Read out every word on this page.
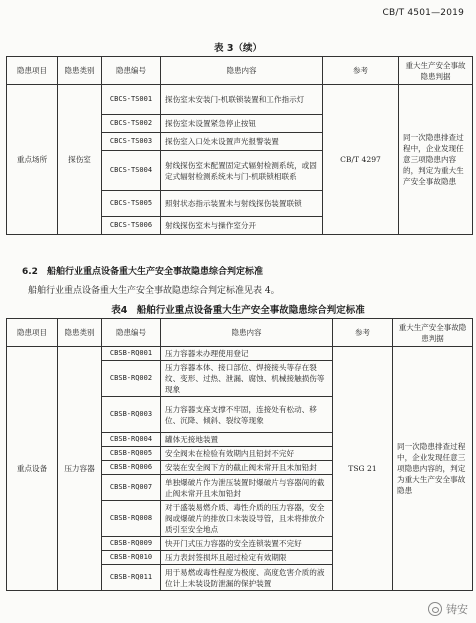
CB/T 4501—2019
表 3（续）
隐患项目	隐患类别	隐患编号	隐患内容	参考	重大生产安全事故隐患判据
重点场所	探伤室	CBCS-TS001	探伤室未安装门-机联锁装置和工作指示灯	CB/T 4297	同一次隐患排查过程中，企业发现任意三项隐患内容的，判定为重大生产安全事故隐患
		CBCS-TS002	探伤室未设置紧急停止按钮		
		CBCS-TS003	探伤室入口处未设置声光报警装置		
		CBCS-TS004	射线探伤室未配置固定式辐射检测系统，或固定式辐射检测系统未与门-机联锁相联系		
		CBCS-TS005	照射状态指示装置未与射线探伤装置联锁		
		CBCS-TS006	射线探伤室未与操作室分开		
6.2　船舶行业重点设备重大生产安全事故隐患综合判定标准
船舶行业重点设备重大生产安全事故隐患综合判定标准见表 4。
表4　船舶行业重点设备重大生产安全事故隐患综合判定标准
隐患项目	隐患类别	隐患编号	隐患内容	参考	重大生产安全事故隐患判据
重点设备	压力容器	CBSB-RQ001	压力容器未办理使用登记	TSG 21	同一次隐患排查过程中，企业发现任意三项隐患内容的，判定为重大生产安全事故隐患
		CBSB-RQ002	压力容器本体、接口部位、焊接接头等存在裂纹、变形、过热、泄漏、腐蚀、机械接触损伤等现象		
		CBSB-RQ003	压力容器支座支撑不牢固，连接处有松动、移位、沉降、倾斜、裂纹等现象		
		CBSB-RQ004	罐体无接地装置		
		CBSB-RQ005	安全阀未在检验有效期内且铅封不完好		
		CBSB-RQ006	安装在安全阀下方的截止阀未常开且未加铅封		
		CBSB-RQ007	单独爆破片作为泄压装置时爆破片与容器间的截止阀未常开且未加铅封		
		CBSB-RQ008	对于盛装易燃介质、毒性介质的压力容器，安全阀或爆破片的排放口未装设导管，且未将排放介质引至安全地点		
		CBSB-RQ009	快开门式压力容器的安全连锁装置不完好		
		CBSB-RQ010	压力表封签损坏且超过检定有效期限		
		CBSB-RQ011	用于易燃或毒性程度为极度、高度危害介质的液位计上未装设防泄漏的保护装置		
铸安
